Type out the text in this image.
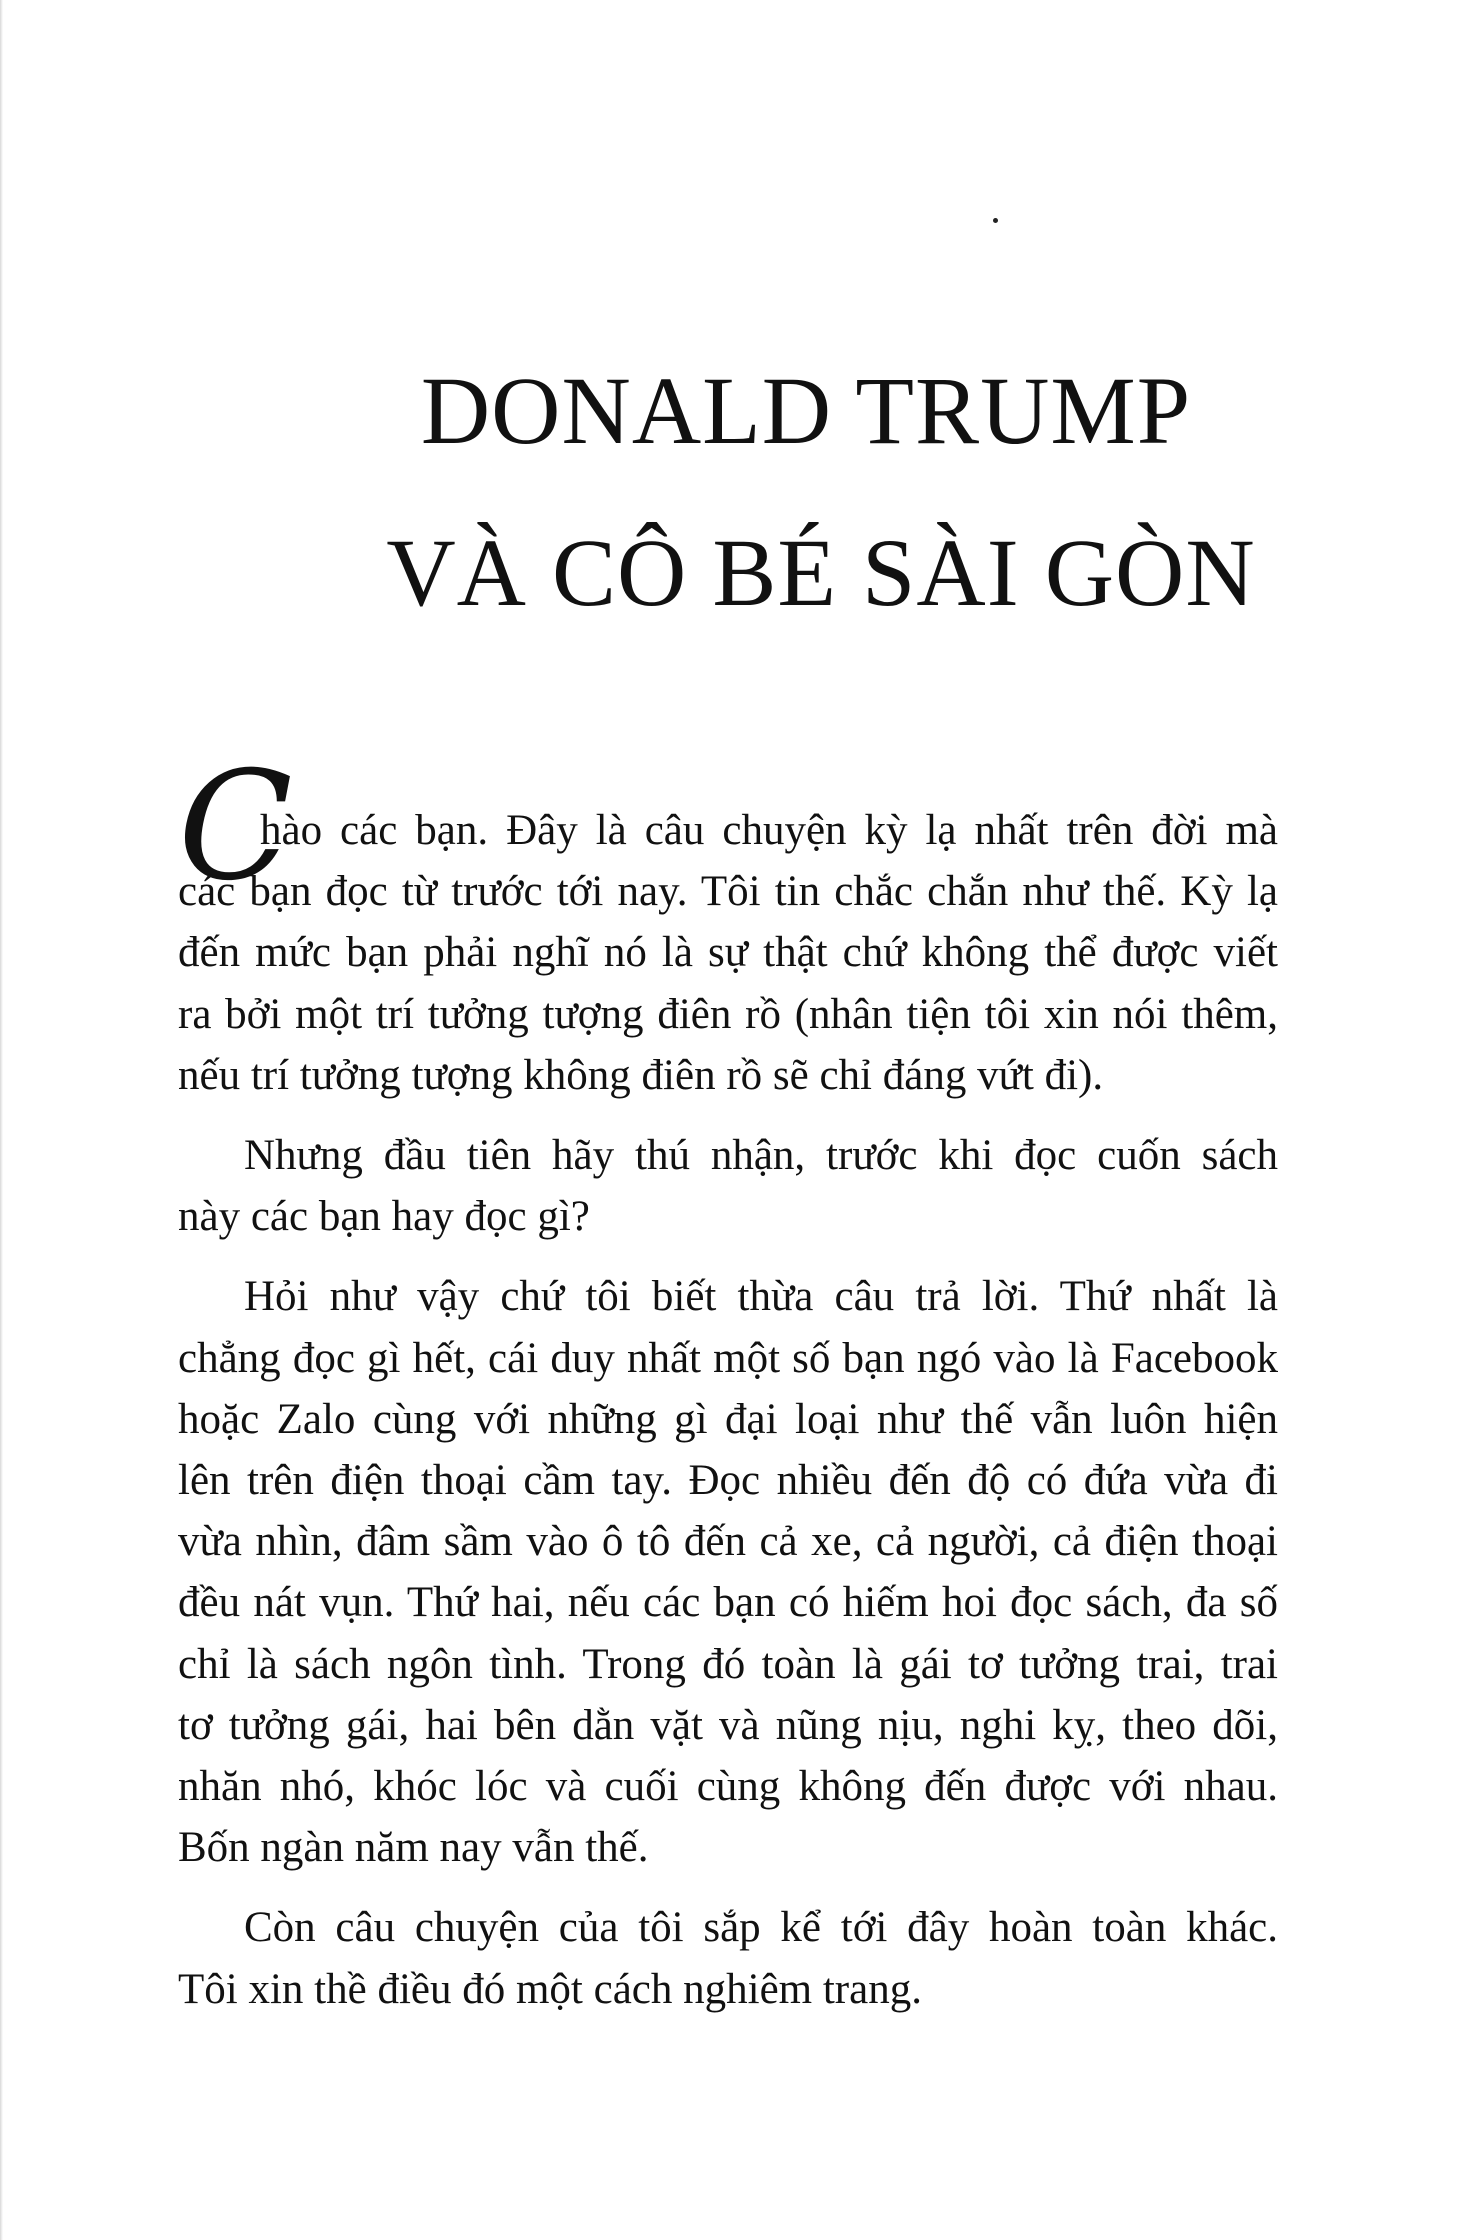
DONALD TRUMP
VÀ CÔ BÉ SÀI GÒN
C
hào các bạn. Đây là câu chuyện kỳ lạ nhất trên đời mà
các bạn đọc từ trước tới nay. Tôi tin chắc chắn như thế. Kỳ lạ
đến mức bạn phải nghĩ nó là sự thật chứ không thể được viết
ra bởi một trí tưởng tượng điên rồ (nhân tiện tôi xin nói thêm,
nếu trí tưởng tượng không điên rồ sẽ chỉ đáng vứt đi).
Nhưng đầu tiên hãy thú nhận, trước khi đọc cuốn sách
này các bạn hay đọc gì?
Hỏi như vậy chứ tôi biết thừa câu trả lời. Thứ nhất là
chẳng đọc gì hết, cái duy nhất một số bạn ngó vào là Facebook
hoặc Zalo cùng với những gì đại loại như thế vẫn luôn hiện
lên trên điện thoại cầm tay. Đọc nhiều đến độ có đứa vừa đi
vừa nhìn, đâm sầm vào ô tô đến cả xe, cả người, cả điện thoại
đều nát vụn. Thứ hai, nếu các bạn có hiếm hoi đọc sách, đa số
chỉ là sách ngôn tình. Trong đó toàn là gái tơ tưởng trai, trai
tơ tưởng gái, hai bên dằn vặt và nũng nịu, nghi kỵ, theo dõi,
nhăn nhó, khóc lóc và cuối cùng không đến được với nhau.
Bốn ngàn năm nay vẫn thế.
Còn câu chuyện của tôi sắp kể tới đây hoàn toàn khác.
Tôi xin thề điều đó một cách nghiêm trang.
